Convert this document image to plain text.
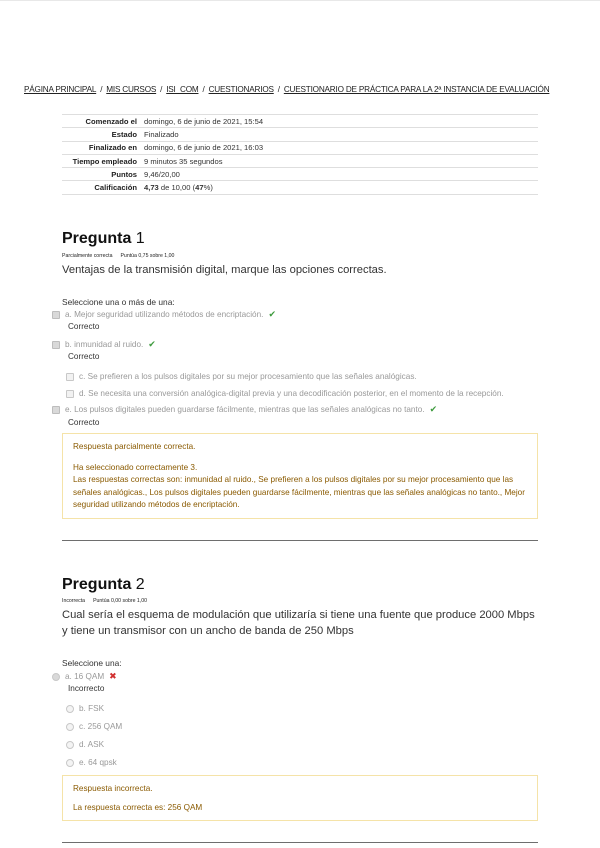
PÁGINA PRINCIPAL / MIS CURSOS / ISI_COM / CUESTIONARIOS / CUESTIONARIO DE PRÁCTICA PARA LA 2ª INSTANCIA DE EVALUACIÓN
Comenzado el	domingo, 6 de junio de 2021, 15:54
Estado	Finalizado
Finalizado en	domingo, 6 de junio de 2021, 16:03
Tiempo empleado	9 minutos 35 segundos
Puntos	9,46/20,00
Calificación	4,73 de 10,00 (47%)
Pregunta 1
Parcialmente correcta Puntúa 0,75 sobre 1,00
Ventajas de la transmisión digital, marque las opciones correctas.
Seleccione una o más de una:
a. Mejor seguridad utilizando métodos de encriptación. ✔
Correcto
b. inmunidad al ruido. ✔
Correcto
c. Se prefieren a los pulsos digitales por su mejor procesamiento que las señales analógicas.
d. Se necesita una conversión analógica-digital previa y una decodificación posterior, en el momento de la recepción.
e. Los pulsos digitales pueden guardarse fácilmente, mientras que las señales analógicas no tanto. ✔
Correcto

Respuesta parcialmente correcta.

Ha seleccionado correctamente 3.

Las respuestas correctas son: inmunidad al ruido., Se prefieren a los pulsos digitales por su mejor procesamiento que las señales analógicas., Los pulsos digitales pueden guardarse fácilmente, mientras que las señales analógicas no tanto., Mejor seguridad utilizando métodos de encriptación.

Pregunta 2
Incorrecta Puntúa 0,00 sobre 1,00
Cual sería el esquema de modulación que utilizaría si tiene una fuente que produce 2000 Mbps y tiene un transmisor con un ancho de banda de 250 Mbps
Seleccione una:
a. 16 QAM ✖
Incorrecto
b. FSK
c. 256 QAM
d. ASK
e. 64 qpsk

Respuesta incorrecta.

La respuesta correcta es: 256 QAM
